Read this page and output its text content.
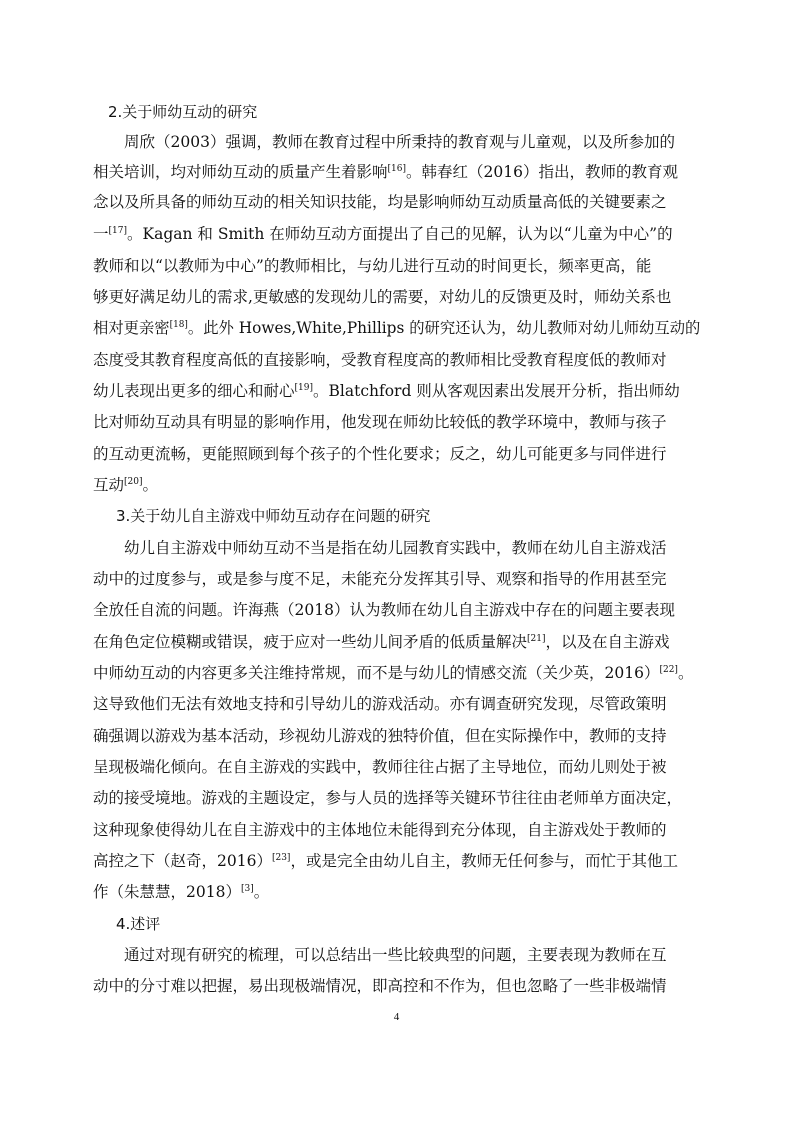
2.关于师幼互动的研究
周欣（2003）强调，教师在教育过程中所秉持的教育观与儿童观，以及所参加的
相关培训，均对师幼互动的质量产生着影响[16]。韩春红（2016）指出，教师的教育观
念以及所具备的师幼互动的相关知识技能，均是影响师幼互动质量高低的关键要素之
一[17]。Kagan 和 Smith 在师幼互动方面提出了自己的见解，认为以“儿童为中心”的
教师和以“以教师为中心”的教师相比，与幼儿进行互动的时间更长，频率更高，能
够更好满足幼儿的需求,更敏感的发现幼儿的需要，对幼儿的反馈更及时，师幼关系也
相对更亲密[18]。此外 Howes,White,Phillips 的研究还认为，幼儿教师对幼儿师幼互动的
态度受其教育程度高低的直接影响，受教育程度高的教师相比受教育程度低的教师对
幼儿表现出更多的细心和耐心[19]。Blatchford 则从客观因素出发展开分析，指出师幼
比对师幼互动具有明显的影响作用，他发现在师幼比较低的教学环境中，教师与孩子
的互动更流畅，更能照顾到每个孩子的个性化要求；反之，幼儿可能更多与同伴进行
互动[20]。
3.关于幼儿自主游戏中师幼互动存在问题的研究
幼儿自主游戏中师幼互动不当是指在幼儿园教育实践中，教师在幼儿自主游戏活
动中的过度参与，或是参与度不足，未能充分发挥其引导、观察和指导的作用甚至完
全放任自流的问题。许海燕（2018）认为教师在幼儿自主游戏中存在的问题主要表现
在角色定位模糊或错误，疲于应对一些幼儿间矛盾的低质量解决[21]，以及在自主游戏
中师幼互动的内容更多关注维持常规，而不是与幼儿的情感交流（关少英，2016）[22]。
这导致他们无法有效地支持和引导幼儿的游戏活动。亦有调查研究发现，尽管政策明
确强调以游戏为基本活动，珍视幼儿游戏的独特价值，但在实际操作中，教师的支持
呈现极端化倾向。在自主游戏的实践中，教师往往占据了主导地位，而幼儿则处于被
动的接受境地。游戏的主题设定，参与人员的选择等关键环节往往由老师单方面决定，
这种现象使得幼儿在自主游戏中的主体地位未能得到充分体现，自主游戏处于教师的
高控之下（赵奇，2016）[23]，或是完全由幼儿自主，教师无任何参与，而忙于其他工
作（朱慧慧，2018）[3]。
4.述评
通过对现有研究的梳理，可以总结出一些比较典型的问题，主要表现为教师在互
动中的分寸难以把握，易出现极端情况，即高控和不作为，但也忽略了一些非极端情
4
